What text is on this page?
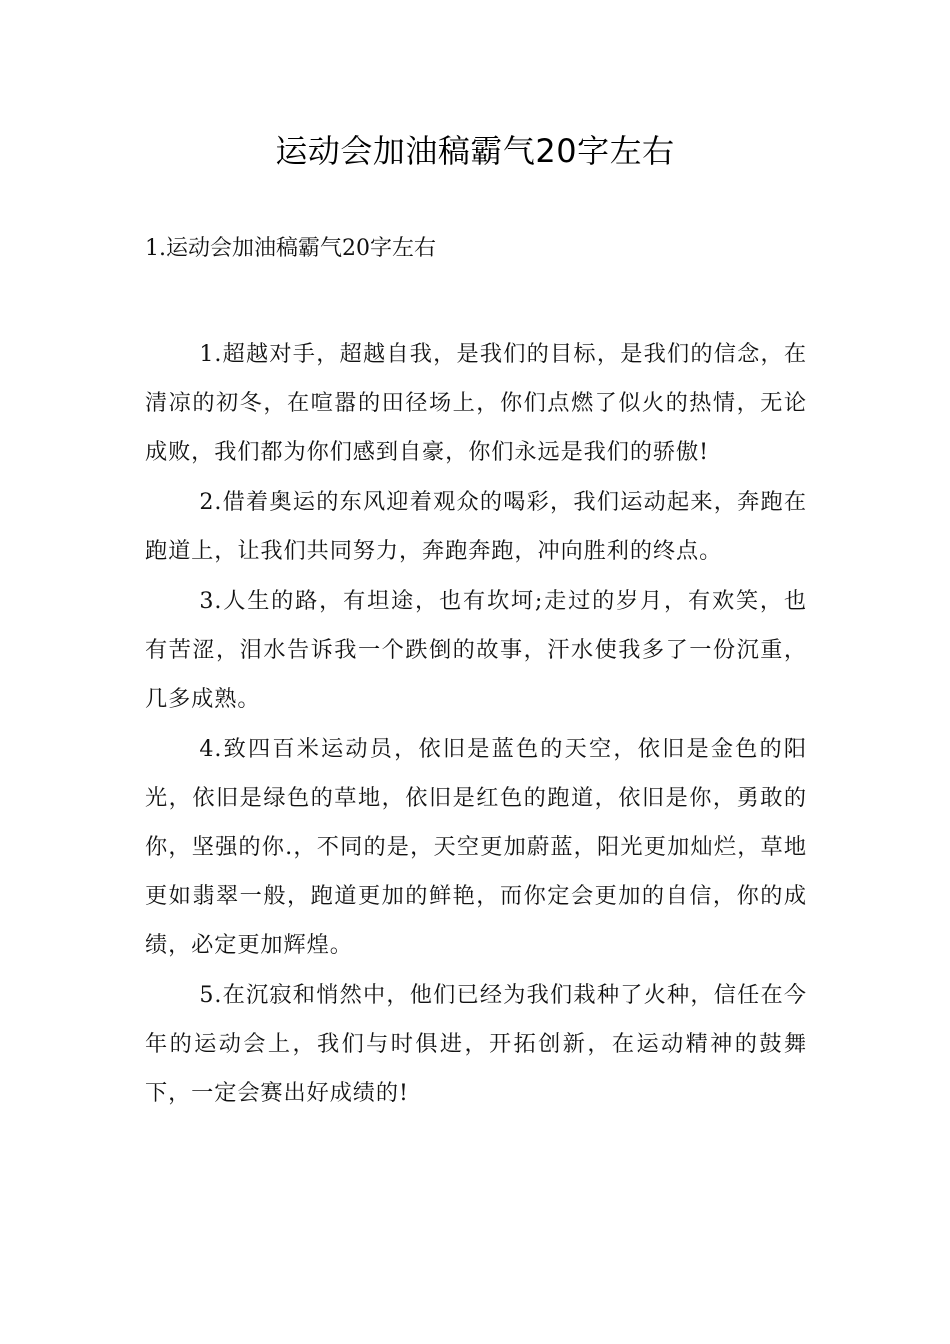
运动会加油稿霸气20字左右

1.运动会加油稿霸气20字左右

1.超越对手，超越自我，是我们的目标，是我们的信念，在清凉的初冬，在喧嚣的田径场上，你们点燃了似火的热情，无论成败，我们都为你们感到自豪，你们永远是我们的骄傲!

2.借着奥运的东风迎着观众的喝彩，我们运动起来，奔跑在跑道上，让我们共同努力，奔跑奔跑，冲向胜利的终点。

3.人生的路，有坦途，也有坎坷;走过的岁月，有欢笑，也有苦涩，泪水告诉我一个跌倒的故事，汗水使我多了一份沉重，几多成熟。

4.致四百米运动员，依旧是蓝色的天空，依旧是金色的阳光，依旧是绿色的草地，依旧是红色的跑道，依旧是你，勇敢的你，坚强的你.，不同的是，天空更加蔚蓝，阳光更加灿烂，草地更如翡翠一般，跑道更加的鲜艳，而你定会更加的自信，你的成绩，必定更加辉煌。

5.在沉寂和悄然中，他们已经为我们栽种了火种，信任在今年的运动会上，我们与时俱进，开拓创新，在运动精神的鼓舞下，一定会赛出好成绩的!
